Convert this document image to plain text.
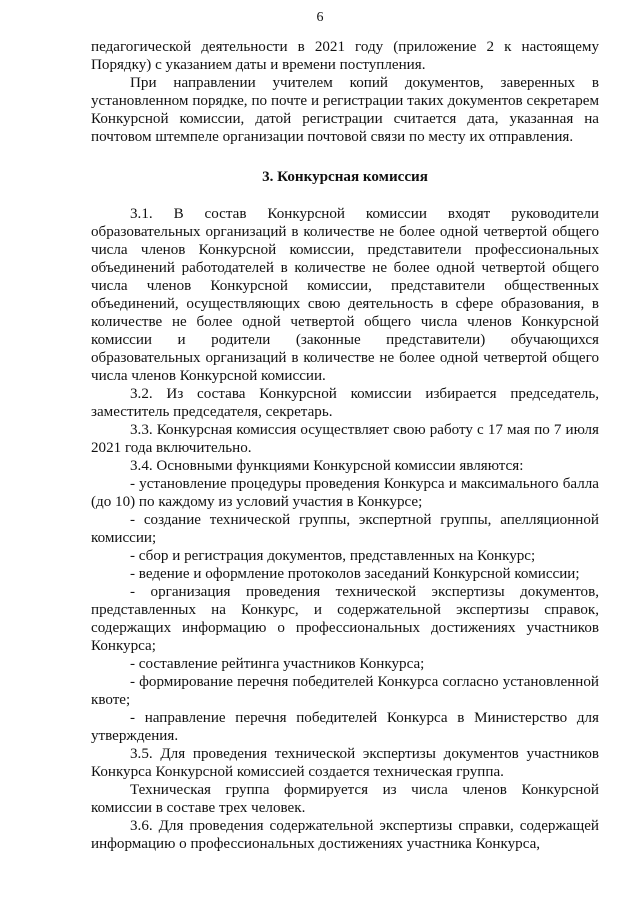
6

педагогической деятельности в 2021 году (приложение 2 к настоящему Порядку) с указанием даты и времени поступления.

При направлении учителем копий документов, заверенных в установленном порядке, по почте и регистрации таких документов секретарем Конкурсной комиссии, датой регистрации считается дата, указанная на почтовом штемпеле организации почтовой связи по месту их отправления.

3. Конкурсная комиссия

3.1. В состав Конкурсной комиссии входят руководители образовательных организаций в количестве не более одной четвертой общего числа членов Конкурсной комиссии, представители профессиональных объединений работодателей в количестве не более одной четвертой общего числа членов Конкурсной комиссии, представители общественных объединений, осуществляющих свою деятельность в сфере образования, в количестве не более одной четвертой общего числа членов Конкурсной комиссии и родители (законные представители) обучающихся образовательных организаций в количестве не более одной четвертой общего числа членов Конкурсной комиссии.

3.2. Из состава Конкурсной комиссии избирается председатель, заместитель председателя, секретарь.

3.3. Конкурсная комиссия осуществляет свою работу с 17 мая по 7 июля 2021 года включительно.

3.4. Основными функциями Конкурсной комиссии являются:

- установление процедуры проведения Конкурса и максимального балла (до 10) по каждому из условий участия в Конкурсе;

- создание технической группы, экспертной группы, апелляционной комиссии;

- сбор и регистрация документов, представленных на Конкурс;

- ведение и оформление протоколов заседаний Конкурсной комиссии;

- организация проведения технической экспертизы документов, представленных на Конкурс, и содержательной экспертизы справок, содержащих информацию о профессиональных достижениях участников Конкурса;

- составление рейтинга участников Конкурса;

- формирование перечня победителей Конкурса согласно установленной квоте;

- направление перечня победителей Конкурса в Министерство для утверждения.

3.5. Для проведения технической экспертизы документов участников Конкурса Конкурсной комиссией создается техническая группа.

Техническая группа формируется из числа членов Конкурсной комиссии в составе трех человек.

3.6. Для проведения содержательной экспертизы справки, содержащей информацию о профессиональных достижениях участника Конкурса,
